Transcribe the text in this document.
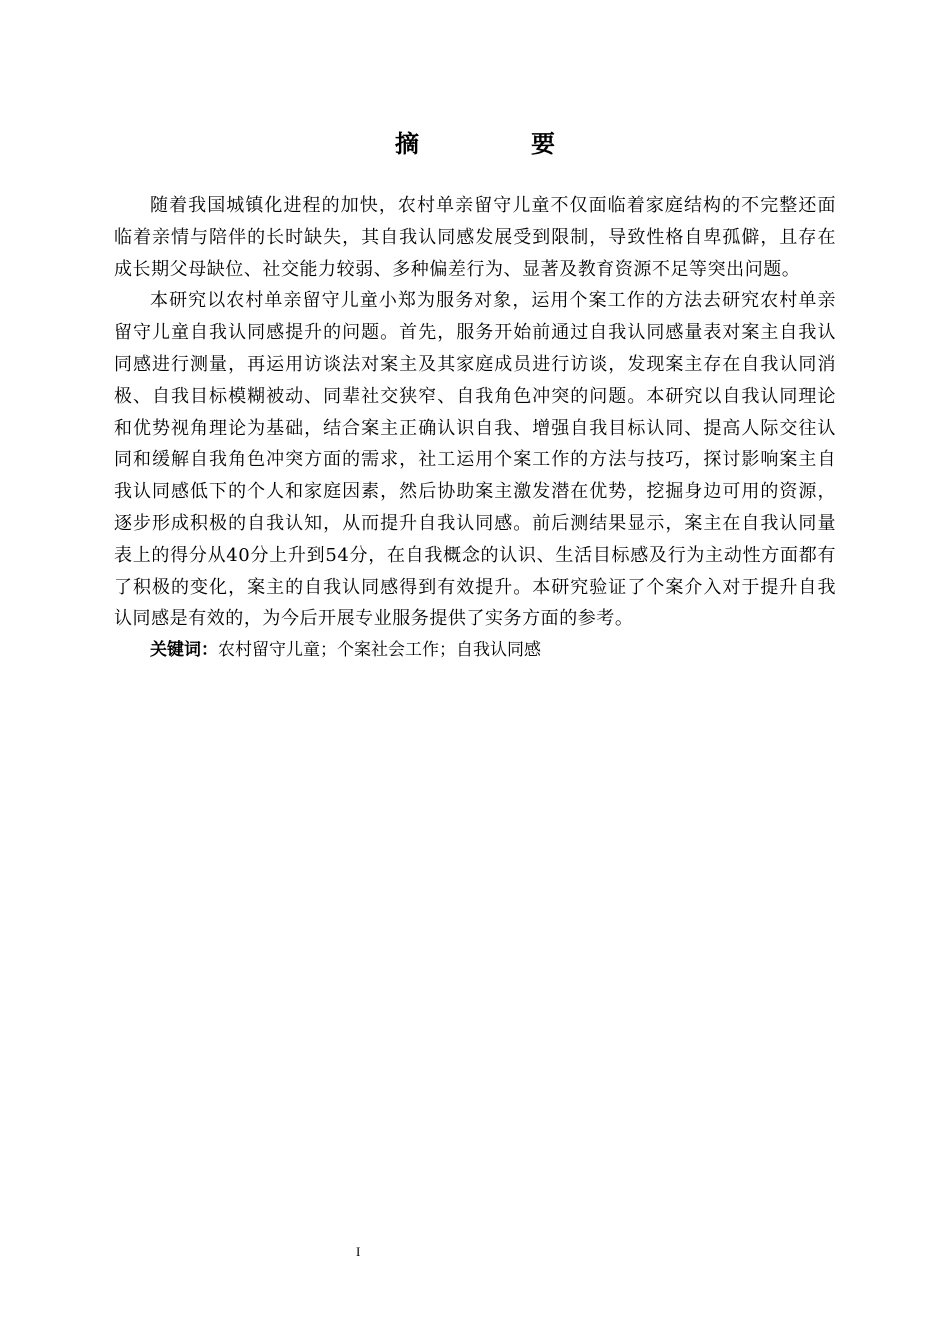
摘　要

随着我国城镇化进程的加快，农村单亲留守儿童不仅面临着家庭结构的不完整还面临着亲情与陪伴的长时缺失，其自我认同感发展受到限制，导致性格自卑孤僻，且存在成长期父母缺位、社交能力较弱、多种偏差行为、显著及教育资源不足等突出问题。

本研究以农村单亲留守儿童小郑为服务对象，运用个案工作的方法去研究农村单亲留守儿童自我认同感提升的问题。首先，服务开始前通过自我认同感量表对案主自我认同感进行测量，再运用访谈法对案主及其家庭成员进行访谈，发现案主存在自我认同消极、自我目标模糊被动、同辈社交狭窄、自我角色冲突的问题。本研究以自我认同理论和优势视角理论为基础，结合案主正确认识自我、增强自我目标认同、提高人际交往认同和缓解自我角色冲突方面的需求，社工运用个案工作的方法与技巧，探讨影响案主自我认同感低下的个人和家庭因素，然后协助案主激发潜在优势，挖掘身边可用的资源，逐步形成积极的自我认知，从而提升自我认同感。前后测结果显示，案主在自我认同量表上的得分从40分上升到54分，在自我概念的认识、生活目标感及行为主动性方面都有了积极的变化，案主的自我认同感得到有效提升。本研究验证了个案介入对于提升自我认同感是有效的，为今后开展专业服务提供了实务方面的参考。

关键词：农村留守儿童；个案社会工作；自我认同感

I
